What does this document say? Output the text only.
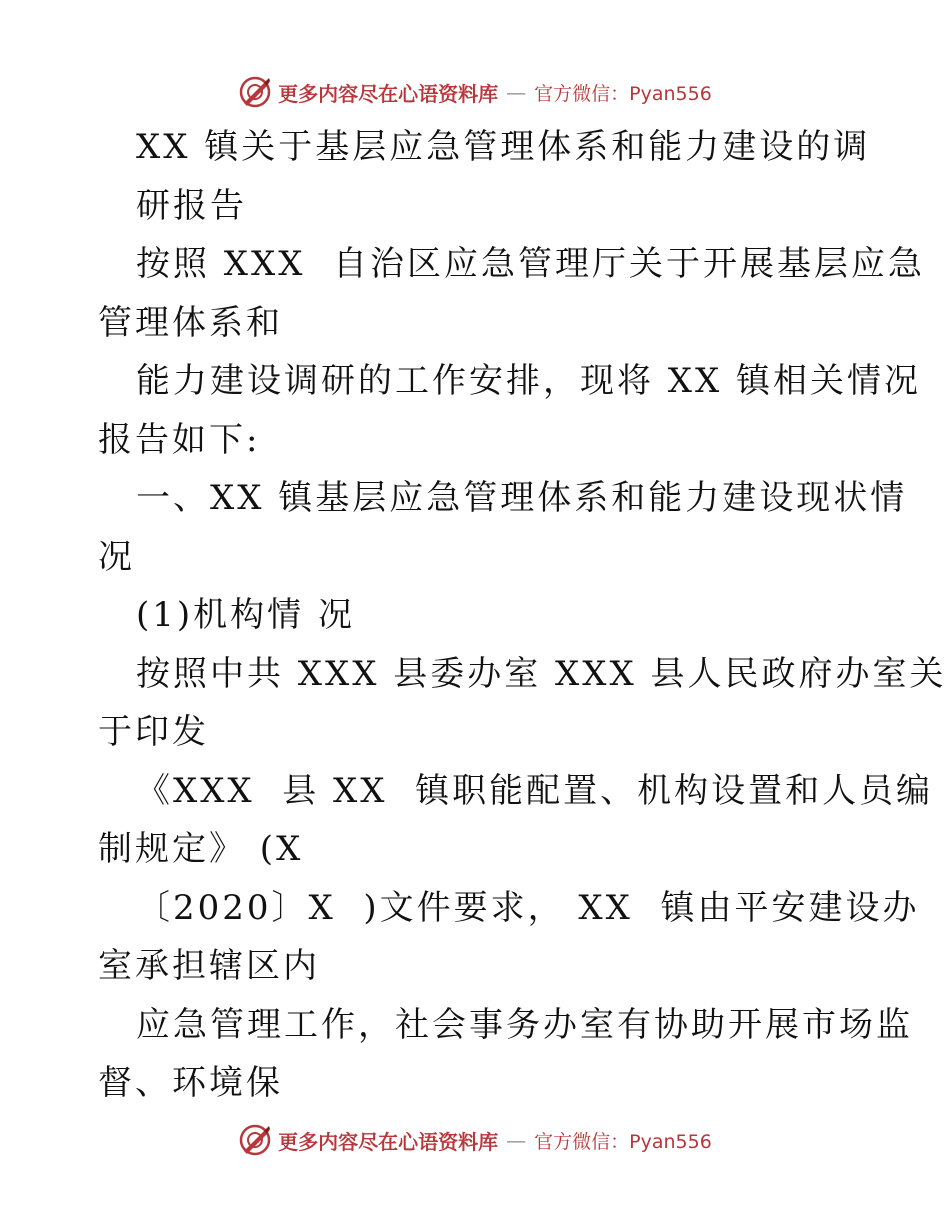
更多内容尽在心语资料库 — 官方微信：Pyan556
XX 镇关于基层应急管理体系和能力建设的调
研报告
按照 XXX  自治区应急管理厅关于开展基层应急
管理体系和
能力建设调研的工作安排，现将 XX 镇相关情况
报告如下:
一、XX 镇基层应急管理体系和能力建设现状情
况
(1)机构情 况
按照中共 XXX 县委办室 XXX 县人民政府办室关
于印发
《XXX  县 XX  镇职能配置、机构设置和人员编
制规定》 (X
〔2020〕X  )文件要求， XX  镇由平安建设办
室承担辖区内
应急管理工作，社会事务办室有协助开展市场监
督、环境保
更多内容尽在心语资料库 — 官方微信：Pyan556
